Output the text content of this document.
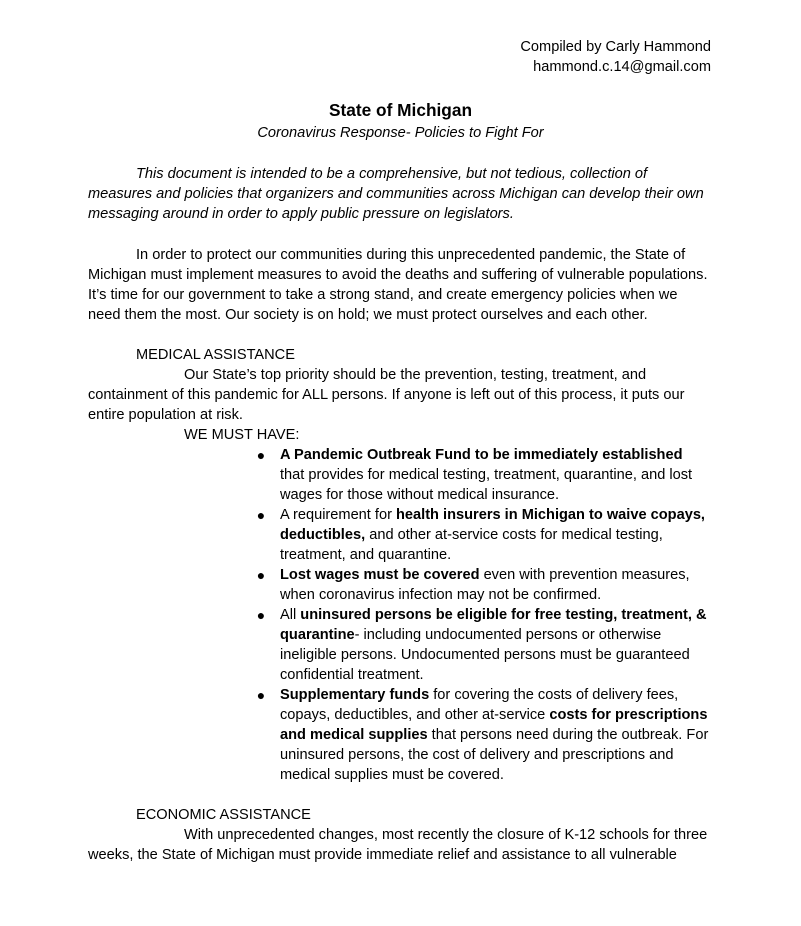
Compiled by Carly Hammond
hammond.c.14@gmail.com
State of Michigan
Coronavirus Response- Policies to Fight For
This document is intended to be a comprehensive, but not tedious, collection of
measures and policies that organizers and communities across Michigan can develop their own
messaging around in order to apply public pressure on legislators.
In order to protect our communities during this unprecedented pandemic, the State of
Michigan must implement measures to avoid the deaths and suffering of vulnerable populations.
It’s time for our government to take a strong stand, and create emergency policies when we
need them the most. Our society is on hold; we must protect ourselves and each other.
MEDICAL ASSISTANCE
Our State’s top priority should be the prevention, testing, treatment, and
containment of this pandemic for ALL persons. If anyone is left out of this process, it puts our
entire population at risk.
WE MUST HAVE:
● A Pandemic Outbreak Fund to be immediately established
that provides for medical testing, treatment, quarantine, and lost
wages for those without medical insurance.
● A requirement for health insurers in Michigan to waive copays,
deductibles, and other at-service costs for medical testing,
treatment, and quarantine.
● Lost wages must be covered even with prevention measures,
when coronavirus infection may not be confirmed.
● All uninsured persons be eligible for free testing, treatment, &
quarantine- including undocumented persons or otherwise
ineligible persons. Undocumented persons must be guaranteed
confidential treatment.
● Supplementary funds for covering the costs of delivery fees,
copays, deductibles, and other at-service costs for prescriptions
and medical supplies that persons need during the outbreak. For
uninsured persons, the cost of delivery and prescriptions and
medical supplies must be covered.
ECONOMIC ASSISTANCE
With unprecedented changes, most recently the closure of K-12 schools for three
weeks, the State of Michigan must provide immediate relief and assistance to all vulnerable
